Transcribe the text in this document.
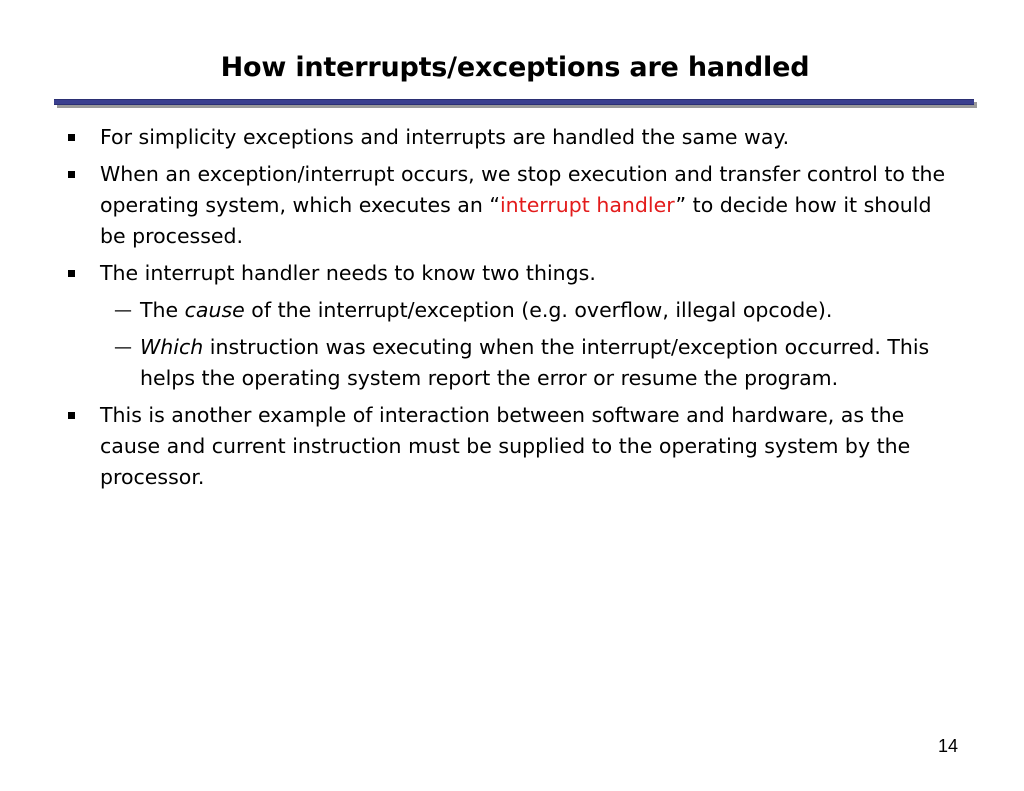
How interrupts/exceptions are handled
For simplicity exceptions and interrupts are handled the same way.
When an exception/interrupt occurs, we stop execution and transfer control to the operating system, which executes an “interrupt handler” to decide how it should be processed.
The interrupt handler needs to know two things.
— The cause of the interrupt/exception (e.g. overflow, illegal opcode).
— Which instruction was executing when the interrupt/exception occurred. This helps the operating system report the error or resume the program.
This is another example of interaction between software and hardware, as the cause and current instruction must be supplied to the operating system by the processor.
14
